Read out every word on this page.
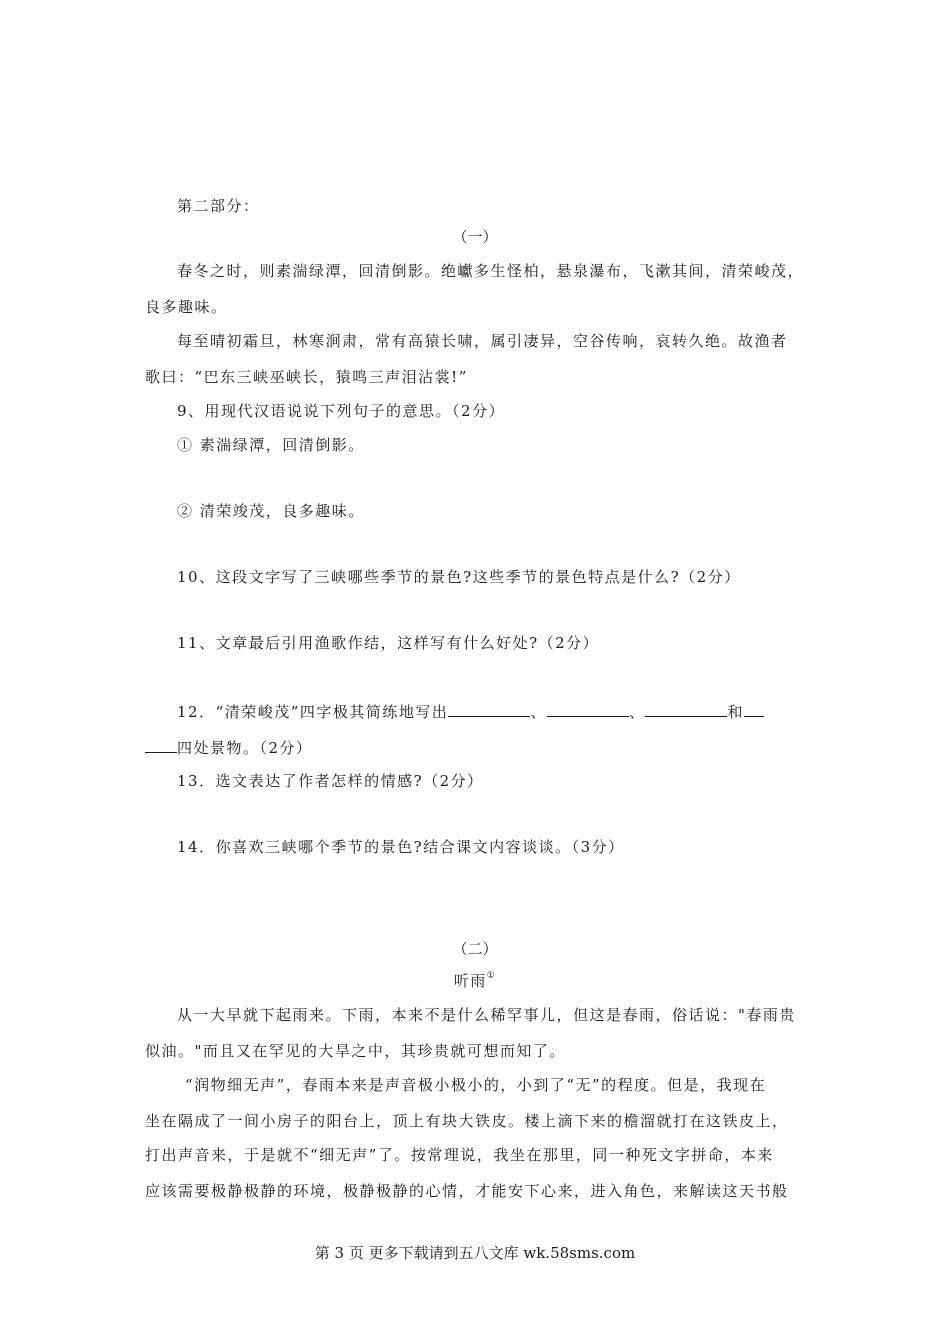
第二部分：
（一）
春冬之时，则素湍绿潭，回清倒影。绝巘多生怪柏，悬泉瀑布，飞漱其间，清荣峻茂，
良多趣味。
每至晴初霜旦，林寒涧肃，常有高猿长啸，属引凄异，空谷传响，哀转久绝。故渔者
歌曰：“巴东三峡巫峡长，猿鸣三声泪沾裳!”
9、用现代汉语说说下列句子的意思。（2分）
① 素湍绿潭，回清倒影。
② 清荣竣茂，良多趣味。
10、这段文字写了三峡哪些季节的景色?这些季节的景色特点是什么?（2分）
11、文章最后引用渔歌作结，这样写有什么好处?（2分）
12．“清荣峻茂”四字极其简练地写出	、	、	和
四处景物。（2分）
13．选文表达了作者怎样的情感?（2分）
14．你喜欢三峡哪个季节的景色?结合课文内容谈谈。（3分）
（二）
听雨①
从一大早就下起雨来。下雨，本来不是什么稀罕事儿，但这是春雨，俗话说："春雨贵
似油。"而且又在罕见的大旱之中，其珍贵就可想而知了。
“润物细无声”，春雨本来是声音极小极小的，小到了“无”的程度。但是，我现在
坐在隔成了一间小房子的阳台上，顶上有块大铁皮。楼上滴下来的檐溜就打在这铁皮上，
打出声音来，于是就不“细无声”了。按常理说，我坐在那里，同一种死文字拼命，本来
应该需要极静极静的环境，极静极静的心情，才能安下心来，进入角色，来解读这天书般
第 3 页 更多下载请到五八文库 wk.58sms.com
